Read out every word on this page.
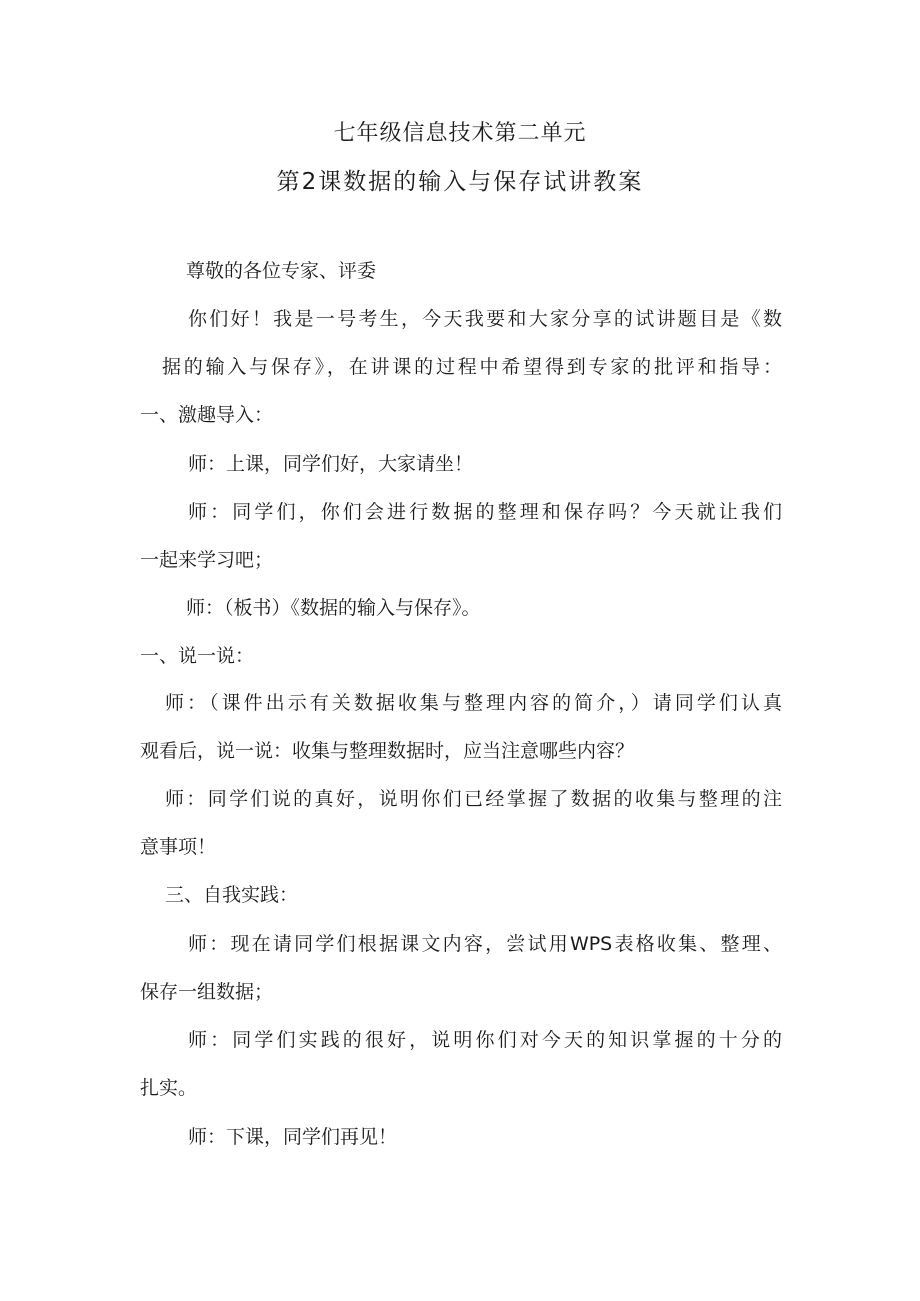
七年级信息技术第二单元
第2课数据的输入与保存试讲教案
尊敬的各位专家、评委
你们好！我是一号考生，今天我要和大家分享的试讲题目是《数
据的输入与保存》，在讲课的过程中希望得到专家的批评和指导：
一、激趣导入：
师：上课，同学们好，大家请坐！
师：同学们，你们会进行数据的整理和保存吗？今天就让我们
一起来学习吧；
师：（板书）《数据的输入与保存》。
一、说一说：
师：（课件出示有关数据收集与整理内容的简介，）请同学们认真
观看后，说一说：收集与整理数据时，应当注意哪些内容？
师：同学们说的真好，说明你们已经掌握了数据的收集与整理的注
意事项！
三、自我实践：
师：现在请同学们根据课文内容，尝试用WPS表格收集、整理、
保存一组数据；
师：同学们实践的很好，说明你们对今天的知识掌握的十分的
扎实。
师：下课，同学们再见！
